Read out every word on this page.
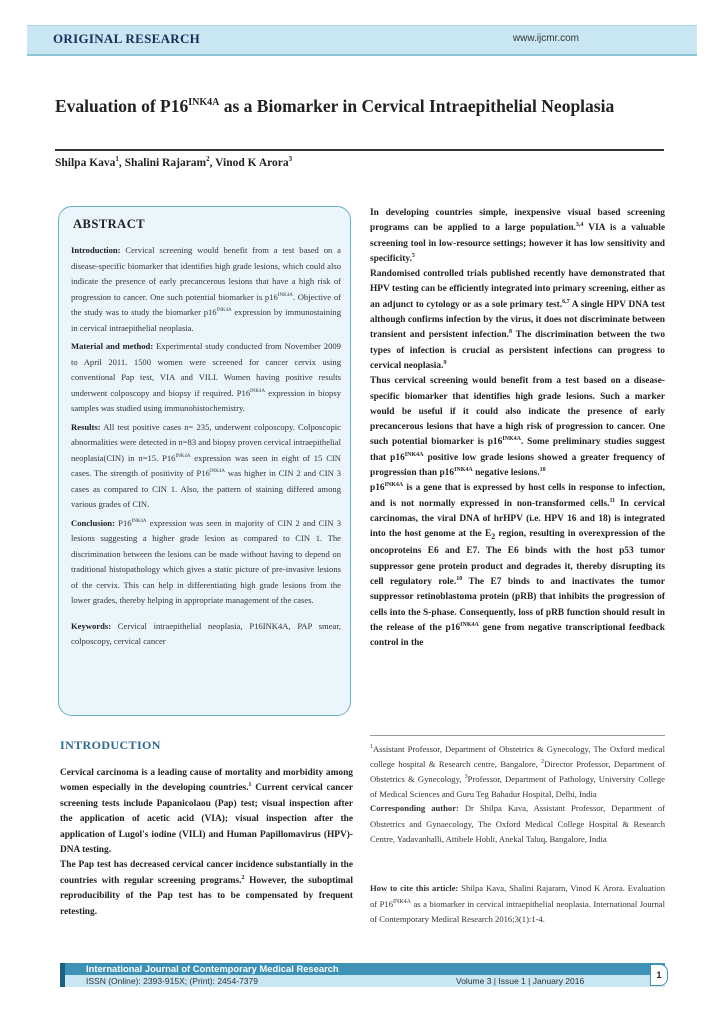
ORIGINAL RESEARCH	www.ijcmr.com
Evaluation of $P16^{INK4A}$ as a Biomarker in Cervical Intraepithelial Neoplasia
Shilpa Kava$^1$, Shalini Rajaram$^2$, Vinod K Arora$^3$
ABSTRACT

Introduction: Cervical screening would benefit from a test based on a disease-specific biomarker that identifies high grade lesions, which could also indicate the presence of early precancerous lesions that have a high risk of progression to cancer. One such potential biomarker is $p16^{INK4A}$. Objective of the study was to study the biomarker $p16^{INK4A}$ expression by immunostaining in cervical intraepithelial neoplasia.

Material and method: Experimental study conducted from November 2009 to April 2011. 1500 women were screened for cancer cervix using conventional Pap test, VIA and VILI. Women having positive results underwent colposcopy and biopsy if required. $P16^{INK4A}$ expression in biopsy samples was studied using immunohistochemistry.

Results: All test positive cases n= 235, underwent colposcopy. Colposcopic abnormalities were detected in n=83 and biopsy proven cervical intraepithelial neoplasia(CIN) in n=15. $P16^{INK4A}$ expression was seen in eight of 15 CIN cases. The strength of positivity of $P16^{INK4A}$ was higher in CIN 2 and CIN 3 cases as compared to CIN 1. Also, the pattern of staining differed among various grades of CIN.

Conclusion: $P16^{INK4A}$ expression was seen in majority of CIN 2 and CIN 3 lesions suggesting a higher grade lesion as compared to CIN 1. The discrimination between the lesions can be made without having to depend on traditional histopathology which gives a static picture of pre-invasive lesions of the cervix. This can help in differentiating high grade lesions from the lower grades, thereby helping in appropriate management of the cases.

Keywords: Cervical intraepithelial neoplasia, P16INK4A, PAP smear, colposcopy, cervical cancer

INTRODUCTION

Cervical carcinoma is a leading cause of mortality and morbidity among women especially in the developing countries.$^1$ Current cervical cancer screening tests include Papanicolaou (Pap) test; visual inspection after the application of acetic acid (VIA); visual inspection after the application of Lugol's iodine (VILI) and Human Papillomavirus (HPV)-DNA testing.

The Pap test has decreased cervical cancer incidence substantially in the countries with regular screening programs.$^2$ However, the suboptimal reproducibility of the Pap test has to be compensated by frequent retesting.

In developing countries simple, inexpensive visual based screening programs can be applied to a large population.$^{3,4}$ VIA is a valuable screening tool in low-resource settings; however it has low sensitivity and specificity.$^5$

Randomised controlled trials published recently have demonstrated that HPV testing can be efficiently integrated into primary screening, either as an adjunct to cytology or as a sole primary test.$^{6,7}$ A single HPV DNA test although confirms infection by the virus, it does not discriminate between transient and persistent infection.$^8$ The discrimination between the two types of infection is crucial as persistent infections can progress to cervical neoplasia.$^9$

Thus cervical screening would benefit from a test based on a disease-specific biomarker that identifies high grade lesions. Such a marker would be useful if it could also indicate the presence of early precancerous lesions that have a high risk of progression to cancer. One such potential biomarker is $p16^{INK4A}$. Some preliminary studies suggest that $p16^{INK4A}$ positive low grade lesions showed a greater frequency of progression than $p16^{INK4A}$ negative lesions.$^{10}$

$p16^{INK4A}$ is a gene that is expressed by host cells in response to infection, and is not normally expressed in non-transformed cells.$^{11}$ In cervical carcinomas, the viral DNA of hrHPV (i.e. HPV 16 and 18) is integrated into the host genome at the $E_2$ region, resulting in overexpression of the oncoproteins E6 and E7. The E6 binds with the host p53 tumor suppressor gene protein product and degrades it, thereby disrupting its cell regulatory role.$^{10}$ The E7 binds to and inactivates the tumor suppressor retinoblastoma protein (pRB) that inhibits the progression of cells into the S-phase. Consequently, loss of pRB function should result in the release of the $p16^{INK4A}$ gene from negative transcriptional feedback control in the

$^1$Assistant Professor, Department of Obstetrics & Gynecology, The Oxford medical college hospital & Research centre, Bangalore, $^2$Director Professor, Department of Obstetrics & Gynecology, $^3$Professor, Department of Pathology, University College of Medical Sciences and Guru Teg Bahadur Hospital, Delhi, India
Corresponding author: Dr Shilpa Kava, Assistant Professor, Department of Obstetrics and Gynaecology, The Oxford Medical College Hospital & Research Centre, Yadavanhalli, Attibele Hobli, Anekal Taluq, Bangalore, India
How to cite this article: Shilpa Kava, Shalini Rajaram, Vinod K Arora. Evaluation of $P16^{INK4A}$ as a biomarker in cervical intraepithelial neoplasia. International Journal of Contemporary Medical Research 2016;3(1):1-4.
International Journal of Contemporary Medical Research
ISSN (Online): 2393-915X; (Print): 2454-7379	Volume 3 | Issue 1 | January 2016
1
